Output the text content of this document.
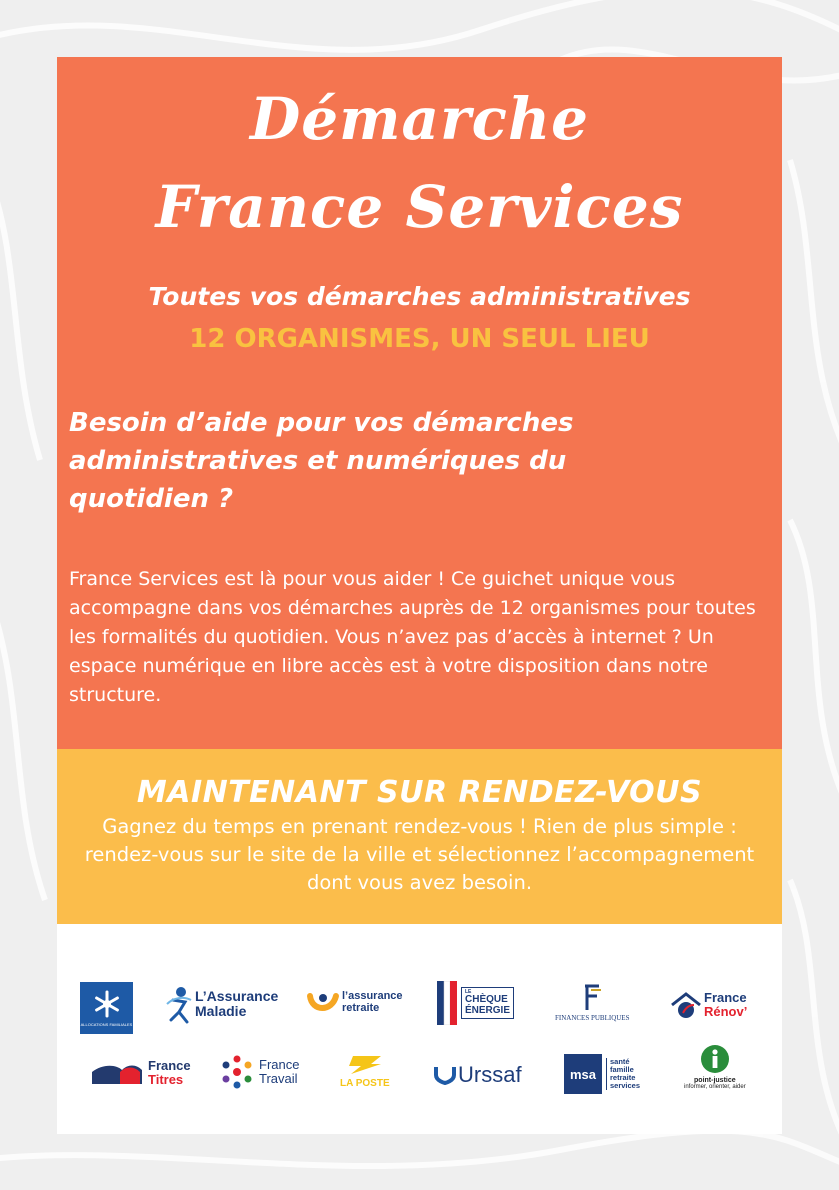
Démarche
France Services

Toutes vos démarches administratives

12 ORGANISMES, UN SEUL LIEU

Besoin d’aide pour vos démarches administratives et numériques du quotidien ?

France Services est là pour vous aider ! Ce guichet unique vous accompagne dans vos démarches auprès de 12 organismes pour toutes les formalités du quotidien. Vous n’avez pas d’accès à internet ? Un espace numérique en libre accès est à votre disposition dans notre structure.

MAINTENANT SUR RENDEZ-VOUS

Gagnez du temps en prenant rendez-vous ! Rien de plus simple : rendez-vous sur le site de la ville et sélectionnez l’accompagnement dont vous avez besoin.

ALLOCATIONS FAMILIALES
L’Assurance
Maladie
l’assurance
retraite
LE
CHÈQUE
ÉNERGIE
FINANCES PUBLIQUES
France
Rénov’
France
Titres
France
Travail	LA POSTE	Urssaf	msa
santé
famille
retraite
services
point-justice
informer, orienter, aider
